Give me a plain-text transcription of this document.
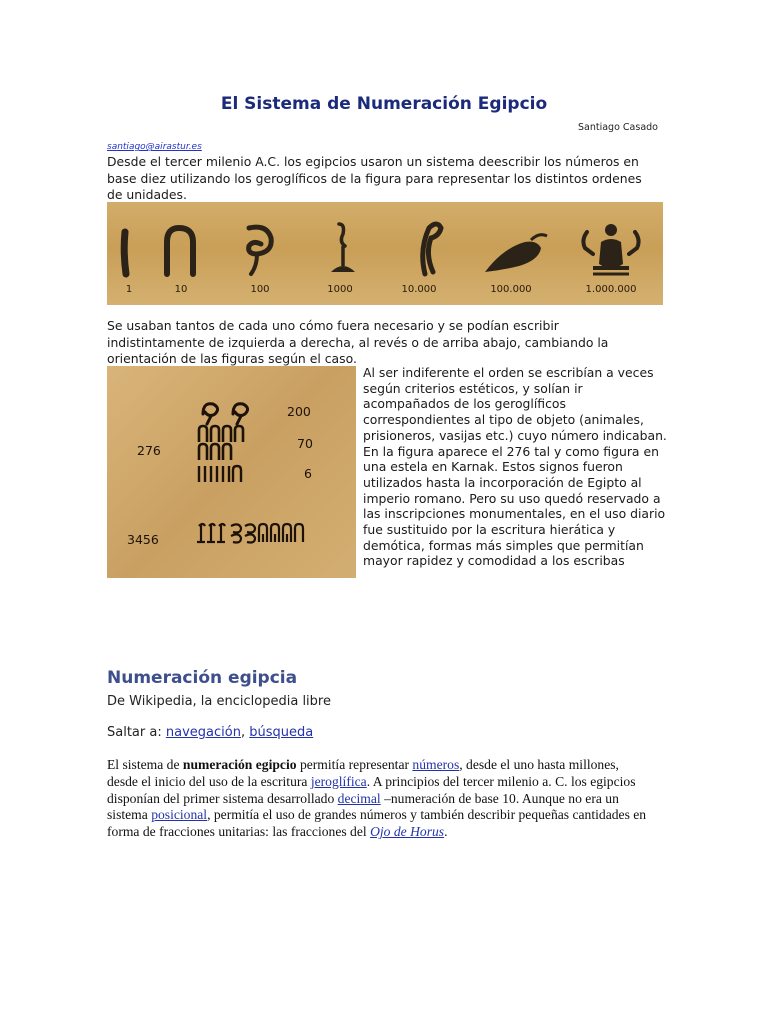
El Sistema de Numeración Egipcio
Santiago Casado
santiago@airastur.es
Desde el tercer milenio A.C. los egipcios usaron un sistema deescribir los números en base diez utilizando los geroglíficos de la figura para representar los distintos ordenes de unidades.
1	10	100	1000	10.000	100.000	1.000.000
Se usaban tantos de cada uno cómo fuera necesario y se podían escribir indistintamente de izquierda a derecha, al revés o de arriba abajo, cambiando la orientación de las figuras según el caso.
200
276	70
6
3456
Al ser indiferente el orden se escribían a veces según criterios estéticos, y solían ir acompañados de los geroglíficos correspondientes al tipo de objeto (animales, prisioneros, vasijas etc.) cuyo número indicaban. En la figura aparece el 276 tal y como figura en una estela en Karnak. Estos signos fueron utilizados hasta la incorporación de Egipto al imperio romano. Pero su uso quedó reservado a las inscripciones monumentales, en el uso diario fue sustituido por la escritura hierática y demótica, formas más simples que permitían mayor rapidez y comodidad a los escribas
Numeración egipcia
De Wikipedia, la enciclopedia libre
Saltar a: navegación, búsqueda
El sistema de numeración egipcio permitía representar números, desde el uno hasta millones, desde el inicio del uso de la escritura jeroglífica. A principios del tercer milenio a. C. los egipcios disponían del primer sistema desarrollado decimal –numeración de base 10. Aunque no era un sistema posicional, permitía el uso de grandes números y también describir pequeñas cantidades en forma de fracciones unitarias: las fracciones del Ojo de Horus.
